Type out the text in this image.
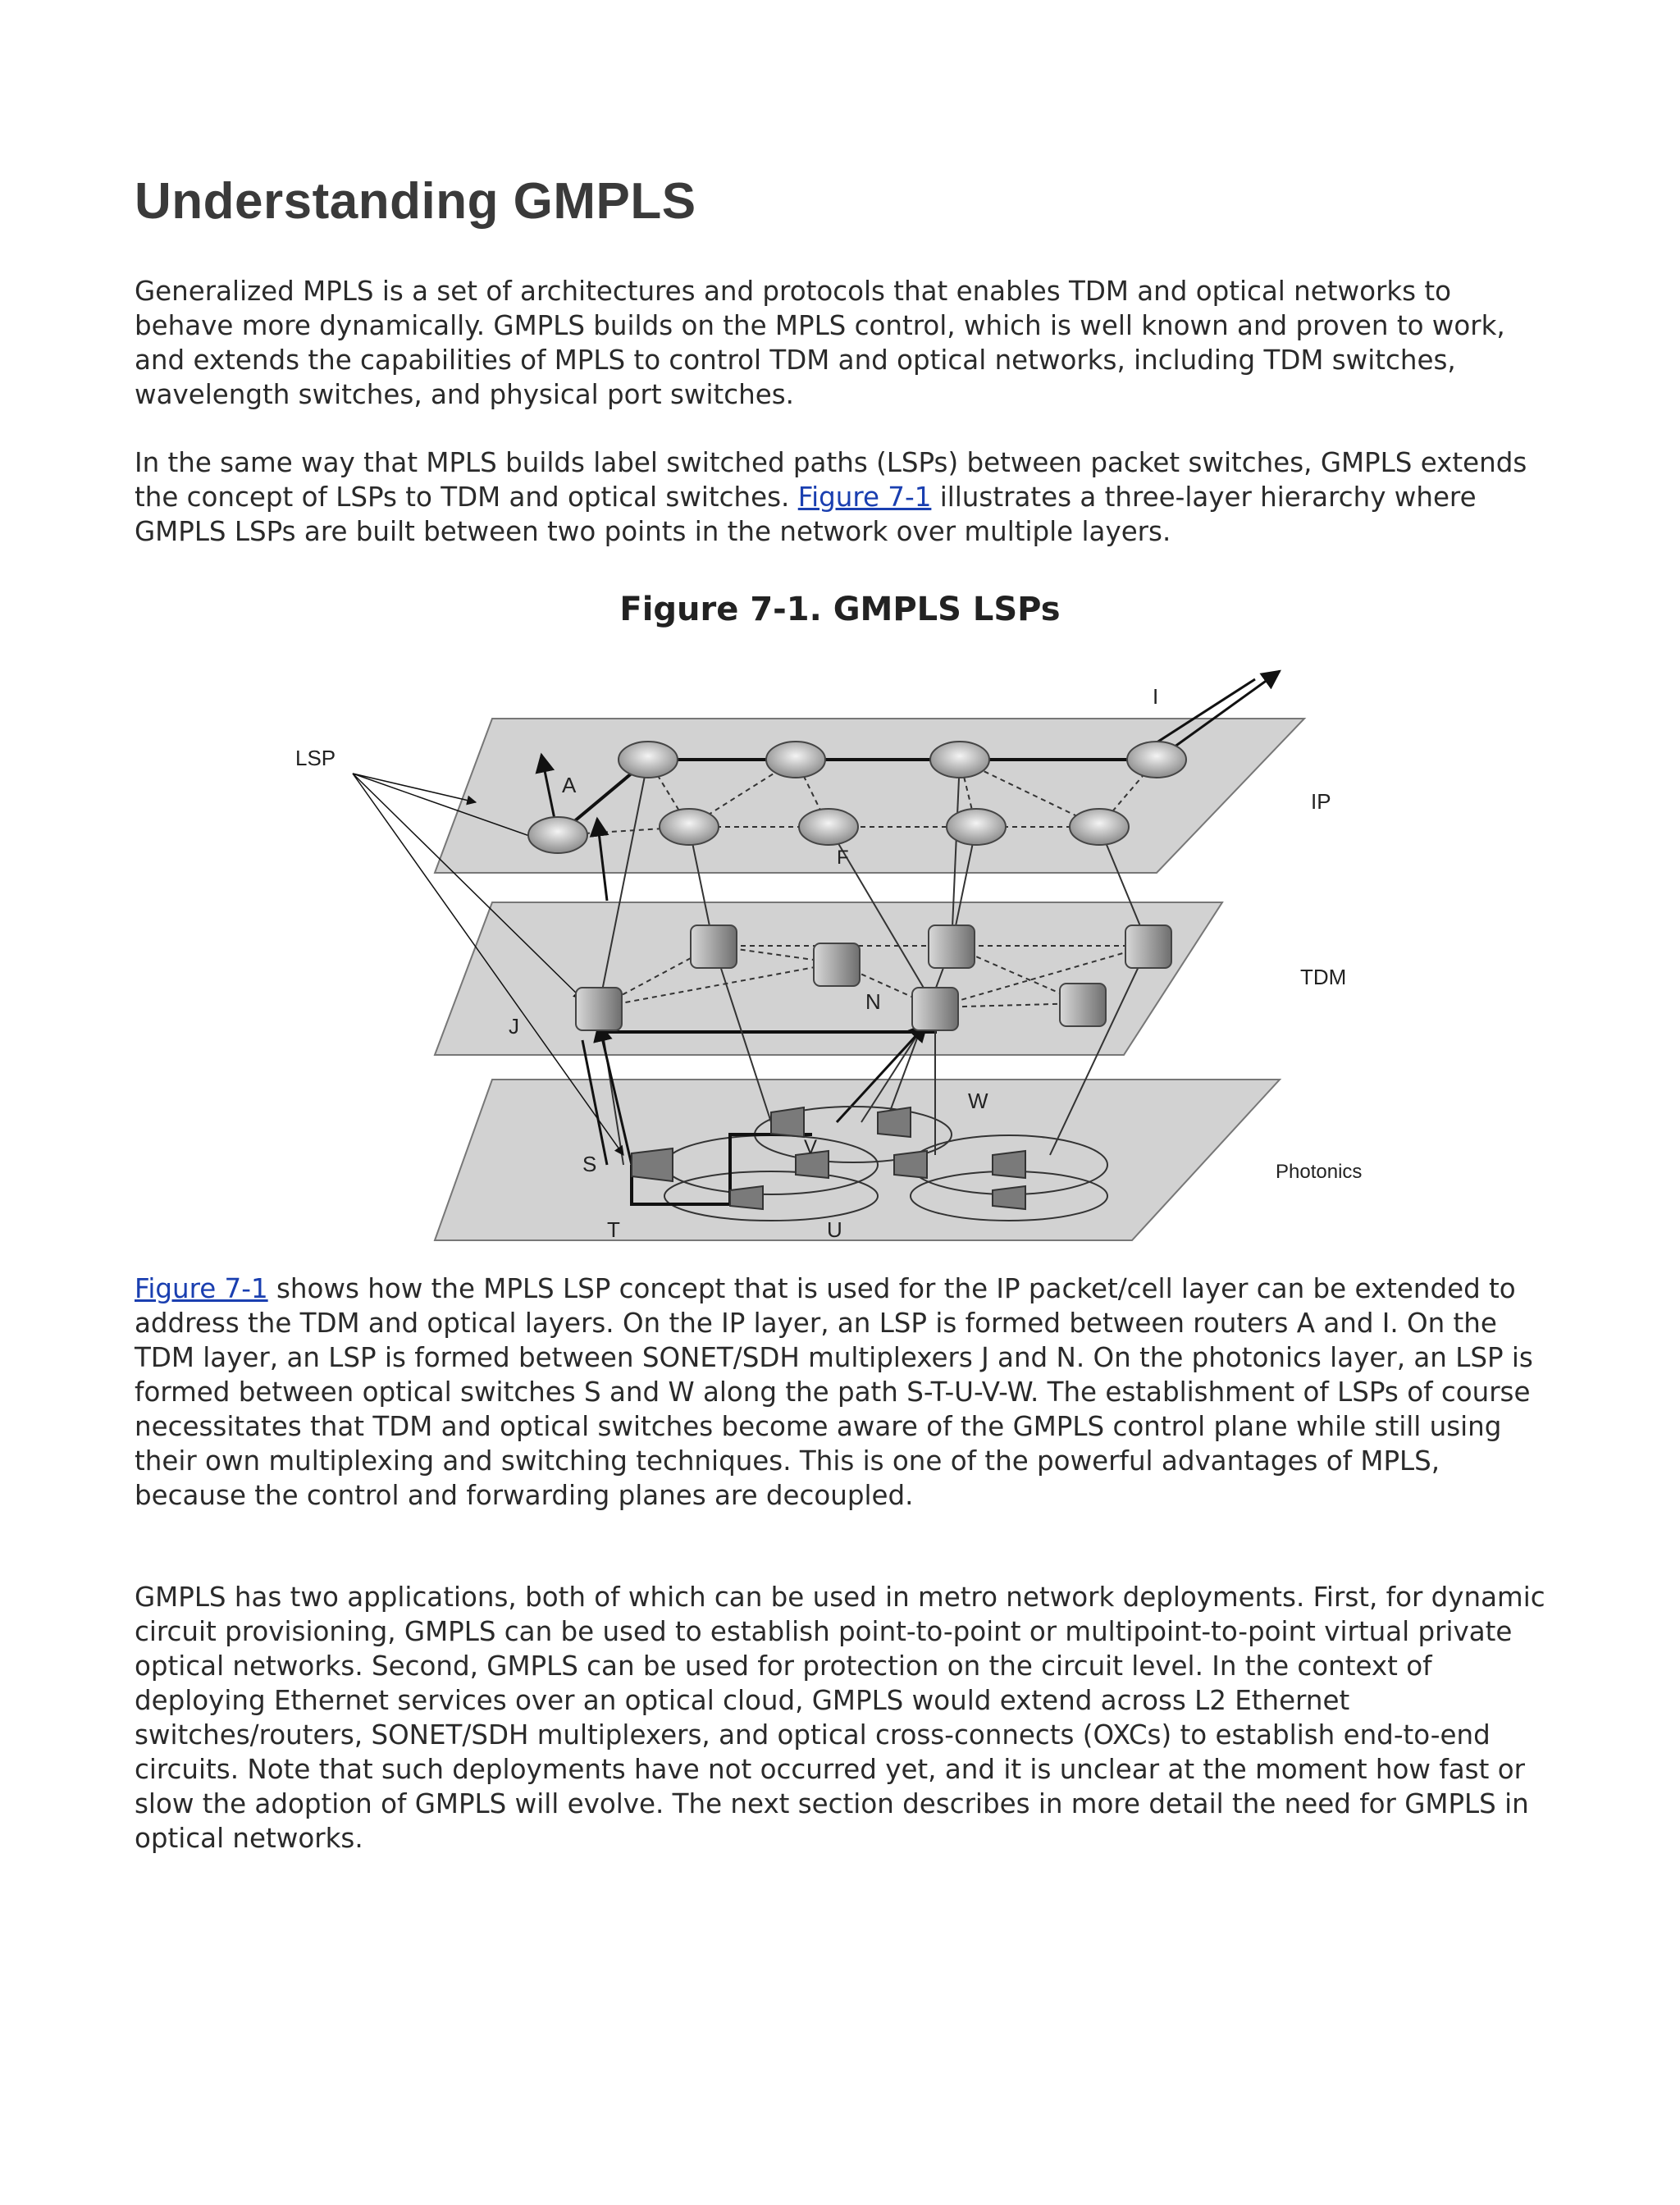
Understanding GMPLS

Generalized MPLS is a set of architectures and protocols that enables TDM and optical networks to behave more dynamically. GMPLS builds on the MPLS control, which is well known and proven to work, and extends the capabilities of MPLS to control TDM and optical networks, including TDM switches, wavelength switches, and physical port switches.

In the same way that MPLS builds label switched paths (LSPs) between packet switches, GMPLS extends the concept of LSPs to TDM and optical switches. Figure 7-1 illustrates a three-layer hierarchy where GMPLS LSPs are built between two points in the network over multiple layers.

Figure 7-1. GMPLS LSPs
LSP
A
I
F
IP
J
N
TDM
W
V
S
T	U
Photonics

Figure 7-1 shows how the MPLS LSP concept that is used for the IP packet/cell layer can be extended to address the TDM and optical layers. On the IP layer, an LSP is formed between routers A and I. On the TDM layer, an LSP is formed between SONET/SDH multiplexers J and N. On the photonics layer, an LSP is formed between optical switches S and W along the path S-T-U-V-W. The establishment of LSPs of course necessitates that TDM and optical switches become aware of the GMPLS control plane while still using their own multiplexing and switching techniques. This is one of the powerful advantages of MPLS, because the control and forwarding planes are decoupled.

GMPLS has two applications, both of which can be used in metro network deployments. First, for dynamic circuit provisioning, GMPLS can be used to establish point-to-point or multipoint-to-point virtual private optical networks. Second, GMPLS can be used for protection on the circuit level. In the context of deploying Ethernet services over an optical cloud, GMPLS would extend across L2 Ethernet switches/routers, SONET/SDH multiplexers, and optical cross-connects (OXCs) to establish end-to-end circuits. Note that such deployments have not occurred yet, and it is unclear at the moment how fast or slow the adoption of GMPLS will evolve. The next section describes in more detail the need for GMPLS in optical networks.
